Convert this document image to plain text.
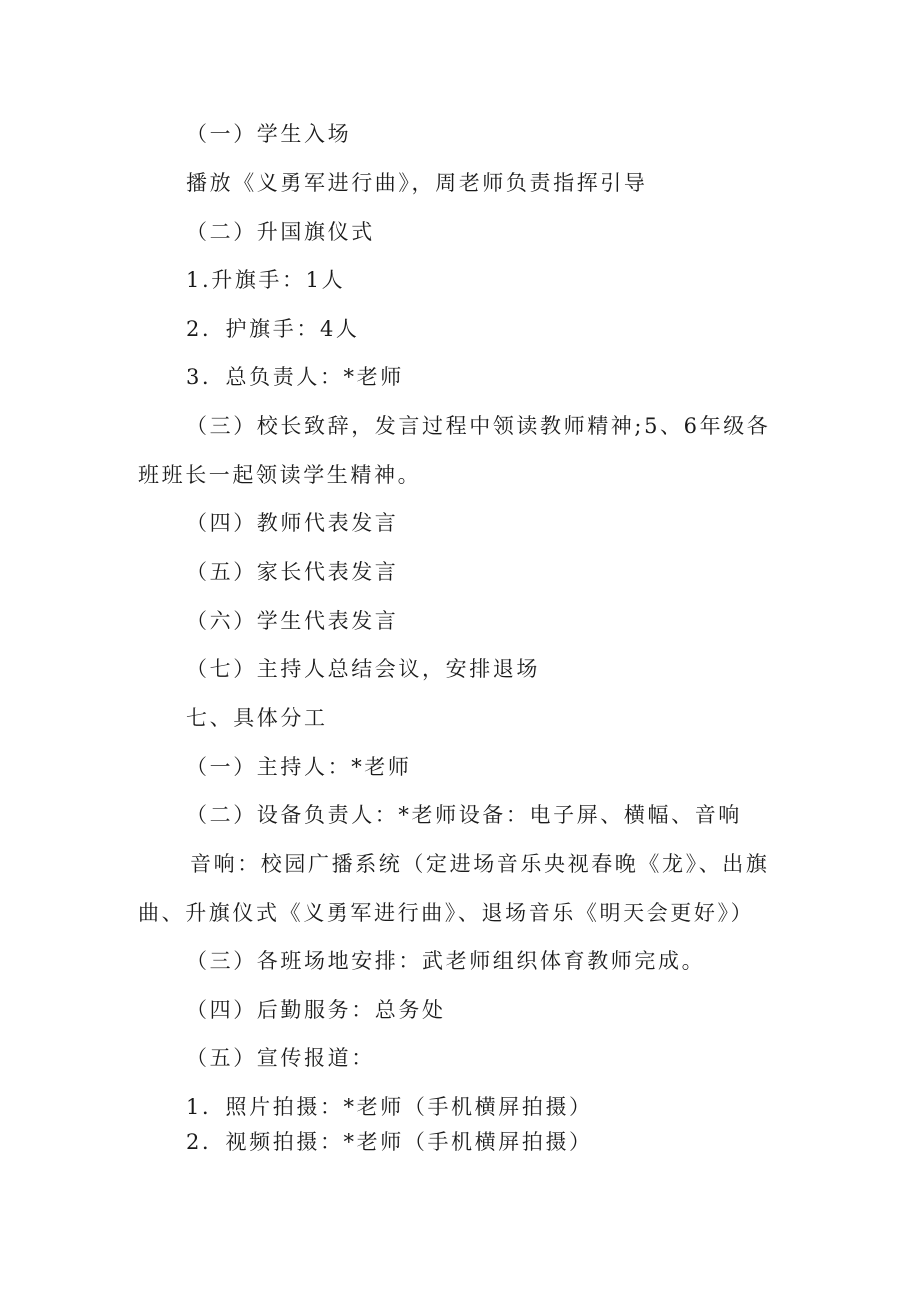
（一）学生入场

播放《义勇军进行曲》，周老师负责指挥引导

（二）升国旗仪式

1.升旗手：1人

2．护旗手：4人

3．总负责人：*老师

（三）校长致辞，发言过程中领读教师精神;5、6年级各

班班长一起领读学生精神。

（四）教师代表发言

（五）家长代表发言

（六）学生代表发言

（七）主持人总结会议，安排退场

七、具体分工

（一）主持人：*老师

（二）设备负责人：*老师设备：电子屏、横幅、音响

音响：校园广播系统（定进场音乐央视春晚《龙》、出旗

曲、升旗仪式《义勇军进行曲》、退场音乐《明天会更好》）

（三）各班场地安排：武老师组织体育教师完成。

（四）后勤服务：总务处

（五）宣传报道：

1．照片拍摄：*老师（手机横屏拍摄）

2．视频拍摄：*老师（手机横屏拍摄）
